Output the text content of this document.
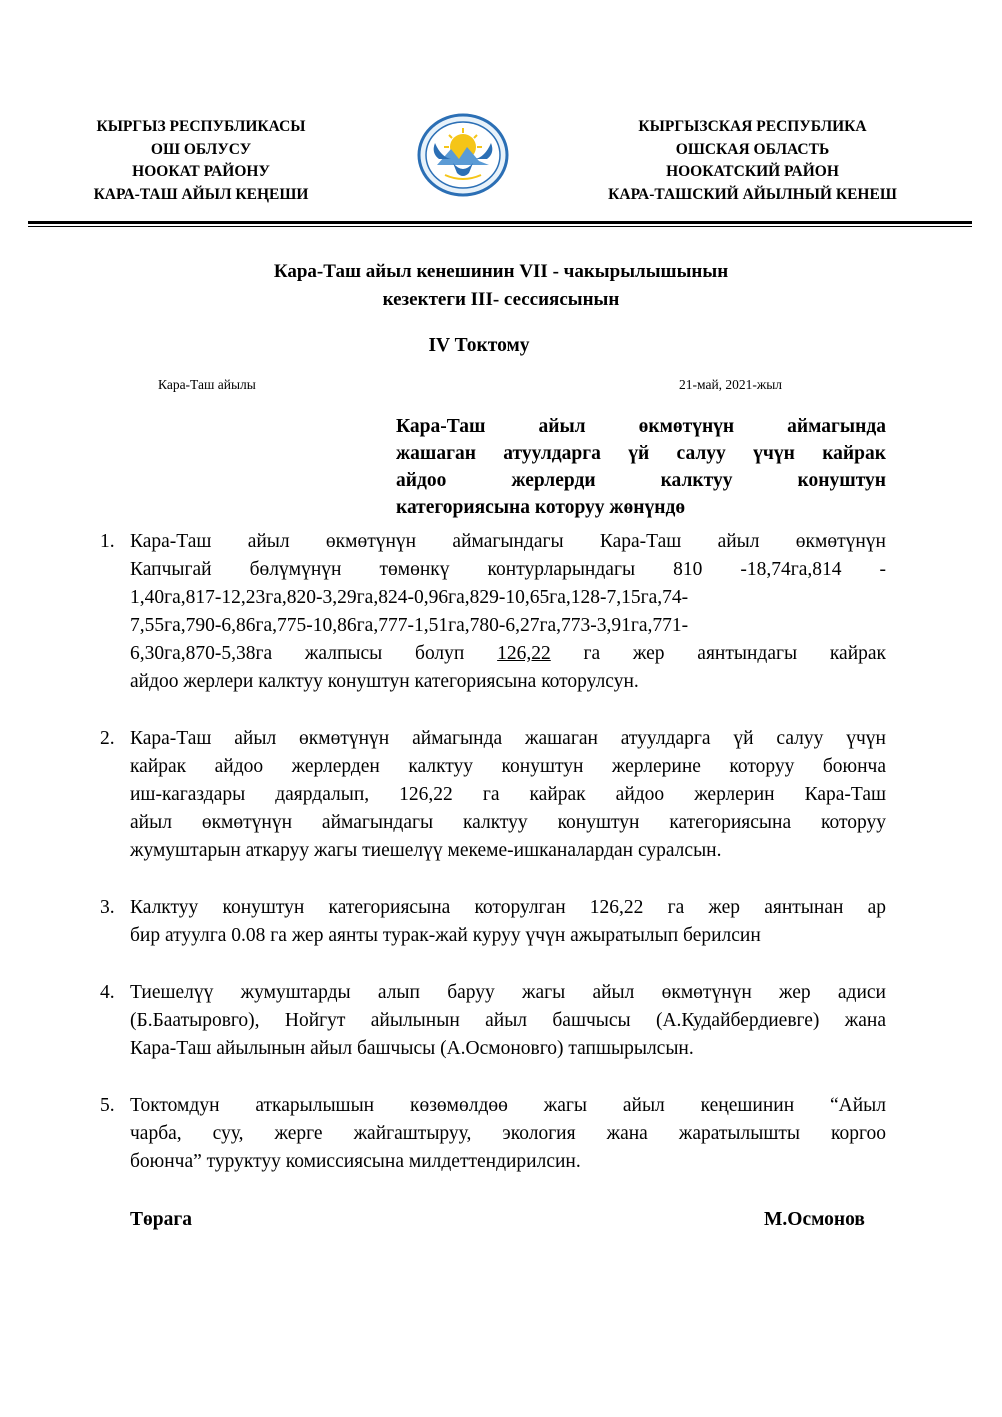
КЫРГЫЗ РЕСПУБЛИКАСЫ
ОШ ОБЛУСУ
НООКАТ РАЙОНУ
КАРА-ТАШ АЙЫЛ КЕҢЕШИ
КЫРГЫЗСКАЯ РЕСПУБЛИКА
ОШСКАЯ ОБЛАСТЬ
НООКАТСКИЙ РАЙОН
КАРА-ТАШСКИЙ АЙЫЛНЫЙ КЕНЕШ
Кара-Таш айыл кенешинин VII - чакырылышынын
кезектеги III- сессиясынын
IV Токтому
Кара-Таш айылы	21-май, 2021-жыл
Кара-Таш айыл өкмөтүнүн аймагында
жашаган атуулдарга үй салуу үчүн кайрак
айдоо жерлерди калктуу конуштун
категориясына которуу жөнүндө
1. Кара-Таш айыл өкмөтүнүн аймагындагы Кара-Таш айыл өкмөтүнүн
Капчыгай бөлүмүнүн төмөнкү контурларындагы 810 -18,74га,814 -
1,40га,817-12,23га,820-3,29га,824-0,96га,829-10,65га,128-7,15га,74-
7,55га,790-6,86га,775-10,86га,777-1,51га,780-6,27га,773-3,91га,771-
6,30га,870-5,38га жалпысы болуп 126,22 га жер аянтындагы кайрак
айдоо жерлери калктуу конуштун категориясына которулсун.
2. Кара-Таш айыл өкмөтүнүн аймагында жашаган атуулдарга үй салуу үчүн
кайрак айдоо жерлерден калктуу конуштун жерлерине которуу боюнча
иш-кагаздары даярдалып, 126,22 га кайрак айдоо жерлерин Кара-Таш
айыл өкмөтүнүн аймагындагы калктуу конуштун категориясына которуу
жумуштарын аткаруу жагы тиешелүү мекеме-ишканалардан суралсын.
3. Калктуу конуштун категориясына которулган 126,22 га жер аянтынан ар
бир атуулга 0.08 га жер аянты турак-жай куруу үчүн ажыратылып берилсин
4. Тиешелүү жумуштарды алып баруу жагы айыл өкмөтүнүн жер адиси
(Б.Баатыровго), Нойгут айылынын айыл башчысы (А.Кудайбердиевге) жана
Кара-Таш айылынын айыл башчысы (А.Осмоновго) тапшырылсын.
5. Токтомдун аткарылышын көзөмөлдөө жагы айыл кеңешинин “Айыл
чарба, суу, жерге жайгаштыруу, экология жана жаратылышты коргоо
боюнча” туруктуу комиссиясына милдеттендирилсин.
Төрага	М.Осмонов
